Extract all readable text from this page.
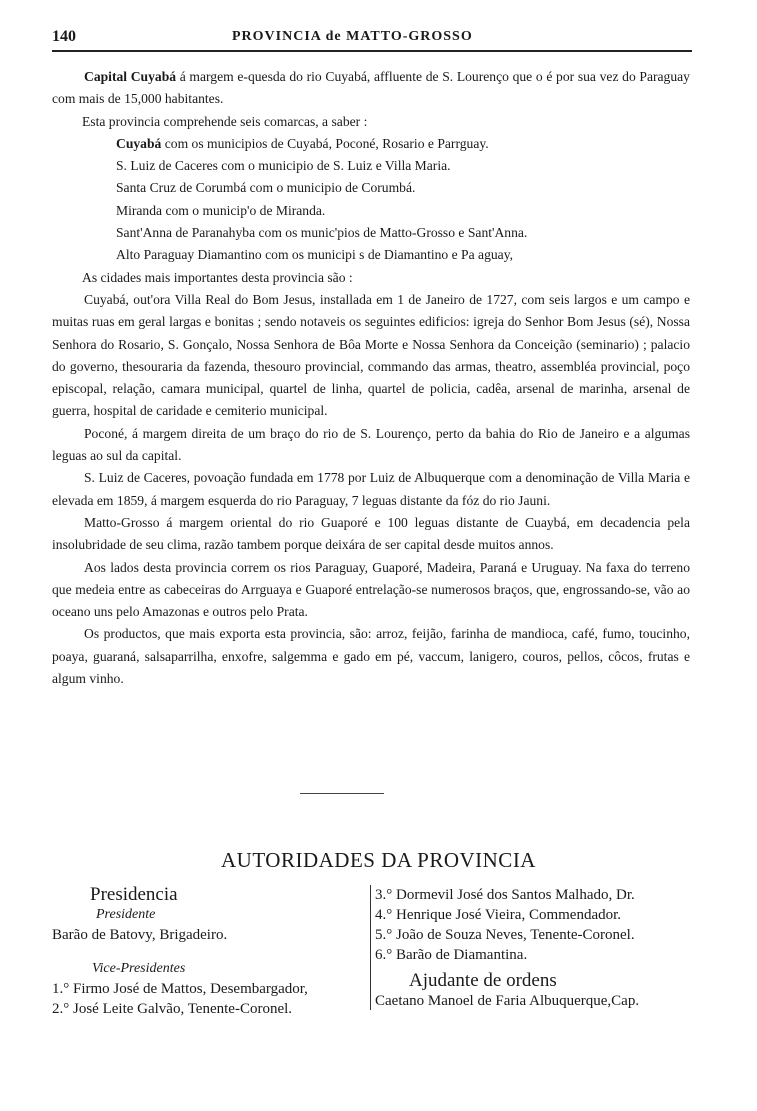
140	PROVINCIA de MATTO-GROSSO

Capital Cuyabá á margem e-quesda do rio Cuyabá, affluente de S. Lourenço que o é por sua vez do Paraguay com mais de 15,000 habitantes.

Esta provincia comprehende seis comarcas, a saber :

Cuyabá com os municipios de Cuyabá, Poconé, Rosario e Parrguay.

S. Luiz de Caceres com o municipio de S. Luiz e Villa Maria.

Santa Cruz de Corumbá com o municipio de Corumbá.

Miranda com o municip'o de Miranda.

Sant'Anna de Paranahyba com os munic'pios de Matto-Grosso e Sant'Anna.

Alto Paraguay Diamantino com os municipi s de Diamantino e Pa aguay,

As cidades mais importantes desta provincia são :

Cuyabá, out'ora Villa Real do Bom Jesus, installada em 1 de Janeiro de 1727, com seis largos e um campo e muitas ruas em geral largas e bonitas ; sendo notaveis os seguintes edificios: igreja do Senhor Bom Jesus (sé), Nossa Senhora do Rosario, S. Gonçalo, Nossa Senhora de Bôa Morte e Nossa Senhora da Conceição (seminario) ; palacio do governo, thesouraria da fazenda, thesouro provincial, commando das armas, theatro, assembléa provincial, poço episcopal, relação, camara municipal, quartel de linha, quartel de policia, cadêa, arsenal de marinha, arsenal de guerra, hospital de caridade e cemiterio municipal.

Poconé, á margem direita de um braço do rio de S. Lourenço, perto da bahia do Rio de Janeiro e a algumas leguas ao sul da capital.

S. Luiz de Caceres, povoação fundada em 1778 por Luiz de Albuquerque com a denominação de Villa Maria e elevada em 1859, á margem esquerda do rio Paraguay, 7 leguas distante da fóz do rio Jauni.

Matto-Grosso á margem oriental do rio Guaporé e 100 leguas distante de Cuaybá, em decadencia pela insolubridade de seu clima, razão tambem porque deixára de ser capital desde muitos annos.

Aos lados desta provincia correm os rios Paraguay, Guaporé, Madeira, Paraná e Uruguay. Na faxa do terreno que medeia entre as cabeceiras do Arrguaya e Guaporé entrelação-se numerosos braços, que, engrossando-se, vão ao oceano uns pelo Amazonas e outros pelo Prata.

Os productos, que mais exporta esta provincia, são: arroz, feijão, farinha de mandioca, café, fumo, toucinho, poaya, guaraná, salsaparrilha, enxofre, salgemma e gado em pé, vaccum, lanigero, couros, pellos, côcos, frutas e algum vinho.

AUTORIDADES DA PROVINCIA
Presidencia
Presidente
Barão de Batovy, Brigadeiro.
Vice-Presidentes
1.° Firmo José de Mattos, Desembargador,
2.° José Leite Galvão, Tenente-Coronel.
3.° Dormevil José dos Santos Malhado, Dr.
4.° Henrique José Vieira, Commendador.
5.° João de Souza Neves, Tenente-Coronel.
6.° Barão de Diamantina.
Ajudante de ordens
Caetano Manoel de Faria Albuquerque,Cap.
